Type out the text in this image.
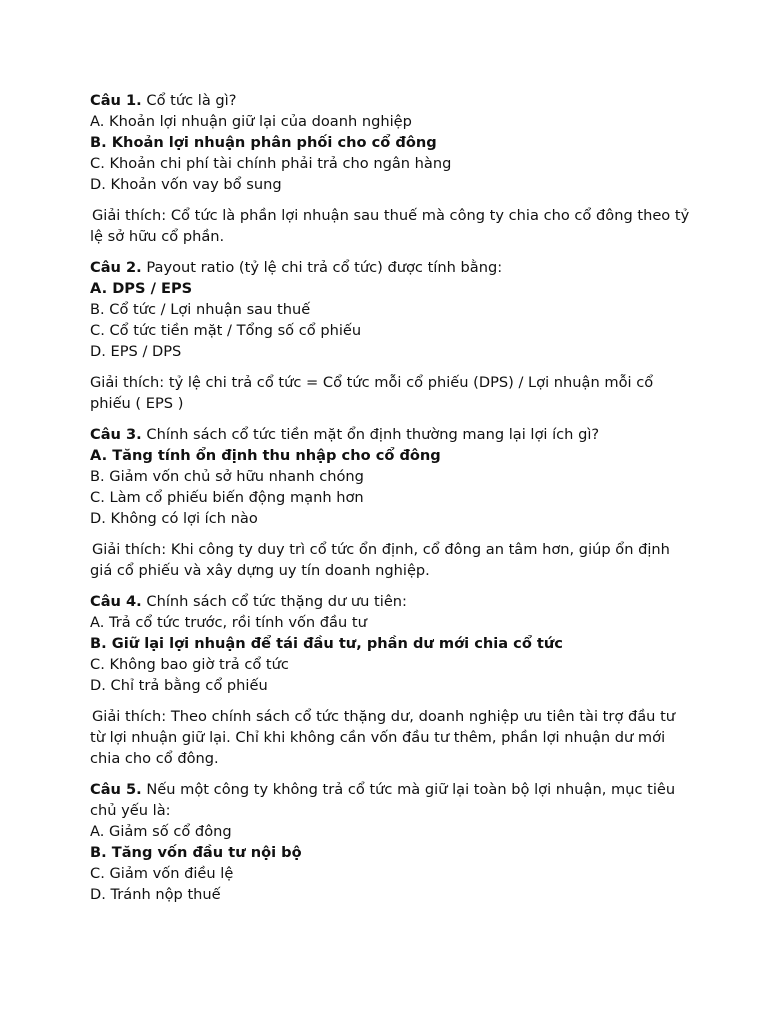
Câu 1. Cổ tức là gì?

A. Khoản lợi nhuận giữ lại của doanh nghiệp

B. Khoản lợi nhuận phân phối cho cổ đông

C. Khoản chi phí tài chính phải trả cho ngân hàng

D. Khoản vốn vay bổ sung

Giải thích: Cổ tức là phần lợi nhuận sau thuế mà công ty chia cho cổ đông theo tỷ lệ sở hữu cổ phần.

Câu 2. Payout ratio (tỷ lệ chi trả cổ tức) được tính bằng:

A. DPS / EPS

B. Cổ tức / Lợi nhuận sau thuế

C. Cổ tức tiền mặt / Tổng số cổ phiếu

D. EPS / DPS

Giải thích: tỷ lệ chi trả cổ tức = Cổ tức mỗi cổ phiếu (DPS) / Lợi nhuận mỗi cổ phiếu ( EPS )

Câu 3. Chính sách cổ tức tiền mặt ổn định thường mang lại lợi ích gì?

A. Tăng tính ổn định thu nhập cho cổ đông

B. Giảm vốn chủ sở hữu nhanh chóng

C. Làm cổ phiếu biến động mạnh hơn

D. Không có lợi ích nào

Giải thích: Khi công ty duy trì cổ tức ổn định, cổ đông an tâm hơn, giúp ổn định giá cổ phiếu và xây dựng uy tín doanh nghiệp.

Câu 4. Chính sách cổ tức thặng dư ưu tiên:

A. Trả cổ tức trước, rồi tính vốn đầu tư

B. Giữ lại lợi nhuận để tái đầu tư, phần dư mới chia cổ tức

C. Không bao giờ trả cổ tức

D. Chỉ trả bằng cổ phiếu

Giải thích: Theo chính sách cổ tức thặng dư, doanh nghiệp ưu tiên tài trợ đầu tư từ lợi nhuận giữ lại. Chỉ khi không cần vốn đầu tư thêm, phần lợi nhuận dư mới chia cho cổ đông.

Câu 5. Nếu một công ty không trả cổ tức mà giữ lại toàn bộ lợi nhuận, mục tiêu chủ yếu là:

A. Giảm số cổ đông

B. Tăng vốn đầu tư nội bộ

C. Giảm vốn điều lệ

D. Tránh nộp thuế
